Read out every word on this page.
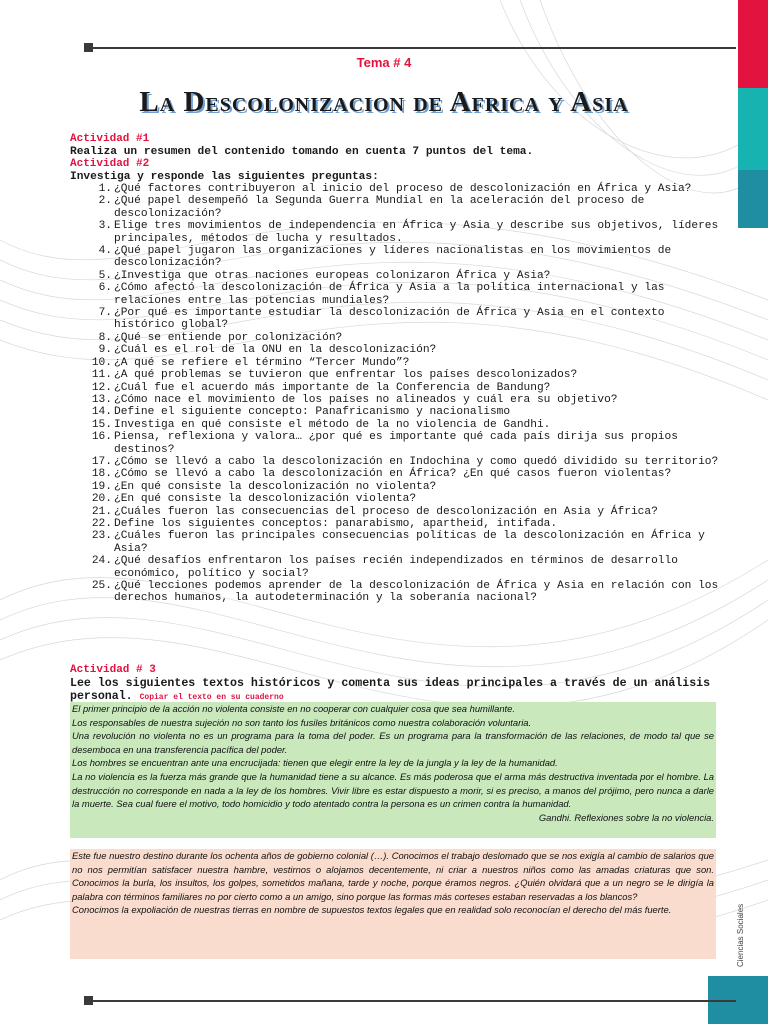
Tema # 4
La Descolonizacion de Africa y Asia
Actividad #1
Realiza un resumen del contenido tomando en cuenta 7 puntos del tema.
Actividad #2
Investiga y responde las siguientes preguntas:
1. ¿Qué factores contribuyeron al inicio del proceso de descolonización en África y Asia?
2. ¿Qué papel desempeñó la Segunda Guerra Mundial en la aceleración del proceso de descolonización?
3. Elige tres movimientos de independencia en África y Asia y describe sus objetivos, líderes principales, métodos de lucha y resultados.
4. ¿Qué papel jugaron las organizaciones y líderes nacionalistas en los movimientos de descolonización?
5. ¿Investiga que otras naciones europeas colonizaron África y Asia?
6. ¿Cómo afectó la descolonización de África y Asia a la política internacional y las relaciones entre las potencias mundiales?
7. ¿Por qué es importante estudiar la descolonización de África y Asia en el contexto histórico global?
8. ¿Qué se entiende por colonización?
9. ¿Cuál es el rol de la ONU en la descolonización?
10. ¿A qué se refiere el término “Tercer Mundo”?
11. ¿A qué problemas se tuvieron que enfrentar los países descolonizados?
12. ¿Cuál fue el acuerdo más importante de la Conferencia de Bandung?
13. ¿Cómo nace el movimiento de los países no alineados y cuál era su objetivo?
14. Define el siguiente concepto: Panafricanismo y nacionalismo
15. Investiga en qué consiste el método de la no violencia de Gandhi.
16. Piensa, reflexiona y valora… ¿por qué es importante qué cada país dirija sus propios destinos?
17. ¿Cómo se llevó a cabo la descolonización en Indochina y como quedó dividido su territorio?
18. ¿Cómo se llevó a cabo la descolonización en África? ¿En qué casos fueron violentas?
19. ¿En qué consiste la descolonización no violenta?
20. ¿En qué consiste la descolonización violenta?
21. ¿Cuáles fueron las consecuencias del proceso de descolonización en Asia y África?
22. Define los siguientes conceptos: panarabismo, apartheid, intifada.
23. ¿Cuáles fueron las principales consecuencias políticas de la descolonización en África y Asia?
24. ¿Qué desafíos enfrentaron los países recién independizados en términos de desarrollo económico, político y social?
25. ¿Qué lecciones podemos aprender de la descolonización de África y Asia en relación con los derechos humanos, la autodeterminación y la soberanía nacional?
Actividad # 3
Lee los siguientes textos históricos y comenta sus ideas principales a través de un análisis personal. Copiar el texto en su cuaderno

El primer principio de la acción no violenta consiste en no cooperar con cualquier cosa que sea humillante.

Los responsables de nuestra sujeción no son tanto los fusiles británicos como nuestra colaboración voluntaria.

Una revolución no violenta no es un programa para la toma del poder. Es un programa para la transformación de las relaciones, de modo tal que se desemboca en una transferencia pacífica del poder.

Los hombres se encuentran ante una encrucijada: tienen que elegir entre la ley de la jungla y la ley de la humanidad.

La no violencia es la fuerza más grande que la humanidad tiene a su alcance. Es más poderosa que el arma más destructiva inventada por el hombre. La destrucción no corresponde en nada a la ley de los hombres. Vivir libre es estar dispuesto a morir, si es preciso, a manos del prójimo, pero nunca a darle la muerte. Sea cual fuere el motivo, todo homicidio y todo atentado contra la persona es un crimen contra la humanidad.

Gandhi. Reflexiones sobre la no violencia.

Este fue nuestro destino durante los ochenta años de gobierno colonial (…). Conocimos el trabajo deslomado que se nos exigía al cambio de salarios que no nos permitían satisfacer nuestra hambre, vestirnos o alojamos decentemente, ni criar a nuestros niños como las amadas criaturas que son.

Conocimos la burla, los insultos, los golpes, sometidos mañana, tarde y noche, porque éramos negros. ¿Quién olvidará que a un negro se le dirigía la palabra con términos familiares no por cierto como a un amigo, sino porque las formas más corteses estaban reservadas a los blancos?

Conocimos la expoliación de nuestras tierras en nombre de supuestos textos legales que en realidad solo reconocían el derecho del más fuerte.	Ciencias Sociales
